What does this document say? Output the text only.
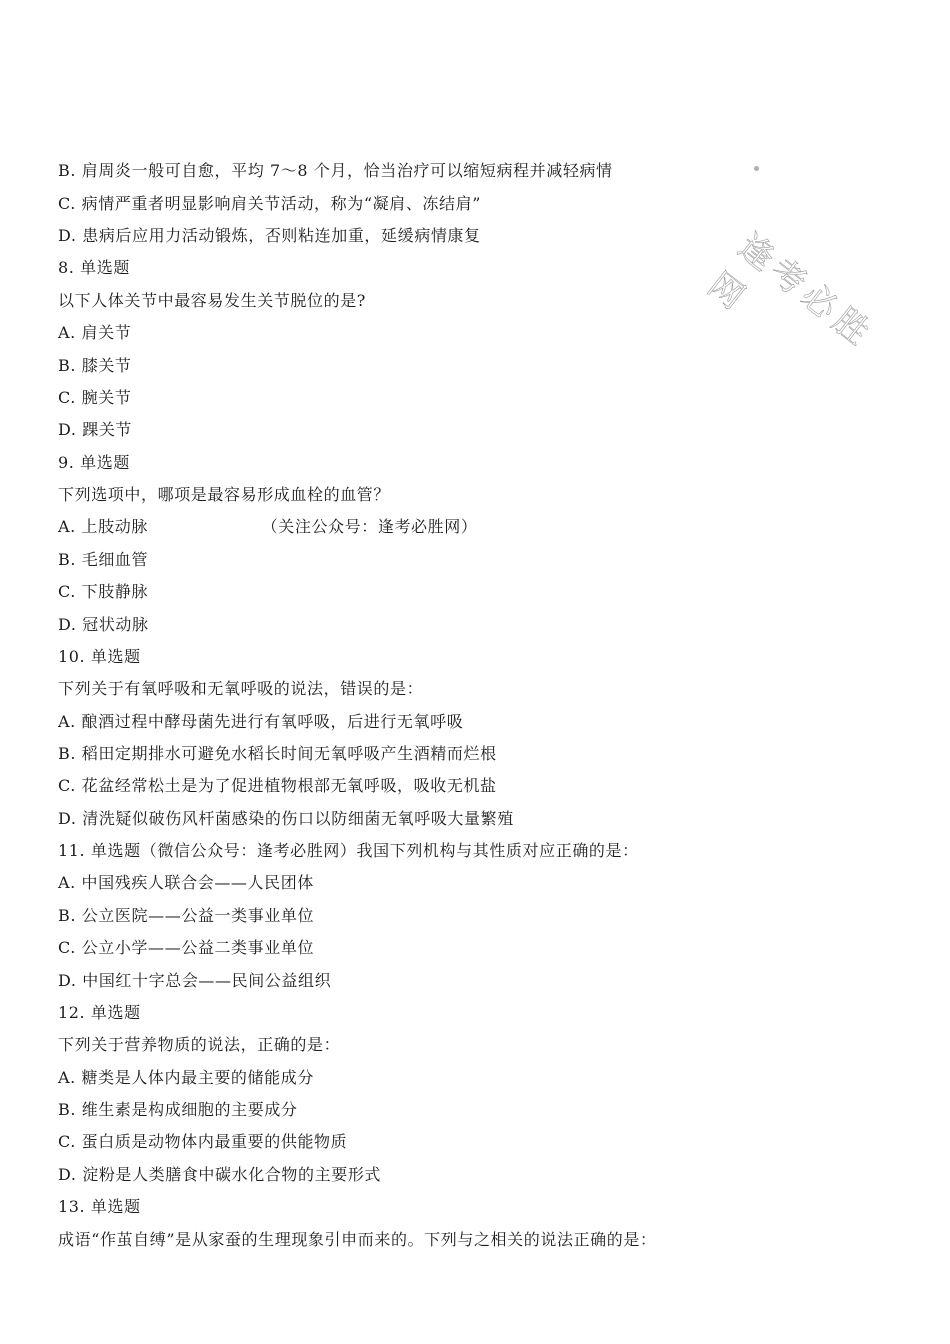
B. 肩周炎一般可自愈，平均 7～8 个月，恰当治疗可以缩短病程并减轻病情
C. 病情严重者明显影响肩关节活动，称为“凝肩、冻结肩”
D. 患病后应用力活动锻炼，否则粘连加重，延缓病情康复
8. 单选题
以下人体关节中最容易发生关节脱位的是?
A. 肩关节
B. 膝关节
C. 腕关节
D. 踝关节
9. 单选题
下列选项中，哪项是最容易形成血栓的血管？
A. 上肢动脉                    （关注公众号：逢考必胜网）
B. 毛细血管
C. 下肢静脉
D. 冠状动脉
10. 单选题
下列关于有氧呼吸和无氧呼吸的说法，错误的是：
A. 酿酒过程中酵母菌先进行有氧呼吸，后进行无氧呼吸
B. 稻田定期排水可避免水稻长时间无氧呼吸产生酒精而烂根
C. 花盆经常松土是为了促进植物根部无氧呼吸，吸收无机盐
D. 清洗疑似破伤风杆菌感染的伤口以防细菌无氧呼吸大量繁殖
11. 单选题（微信公众号：逢考必胜网）我国下列机构与其性质对应正确的是：
A. 中国残疾人联合会——人民团体
B. 公立医院——公益一类事业单位
C. 公立小学——公益二类事业单位
D. 中国红十字总会——民间公益组织
12. 单选题
下列关于营养物质的说法，正确的是：
A. 糖类是人体内最主要的储能成分
B. 维生素是构成细胞的主要成分
C. 蛋白质是动物体内最重要的供能物质
D. 淀粉是人类膳食中碳水化合物的主要形式
13. 单选题
成语“作茧自缚”是从家蚕的生理现象引申而来的。下列与之相关的说法正确的是：
逢考必胜网
